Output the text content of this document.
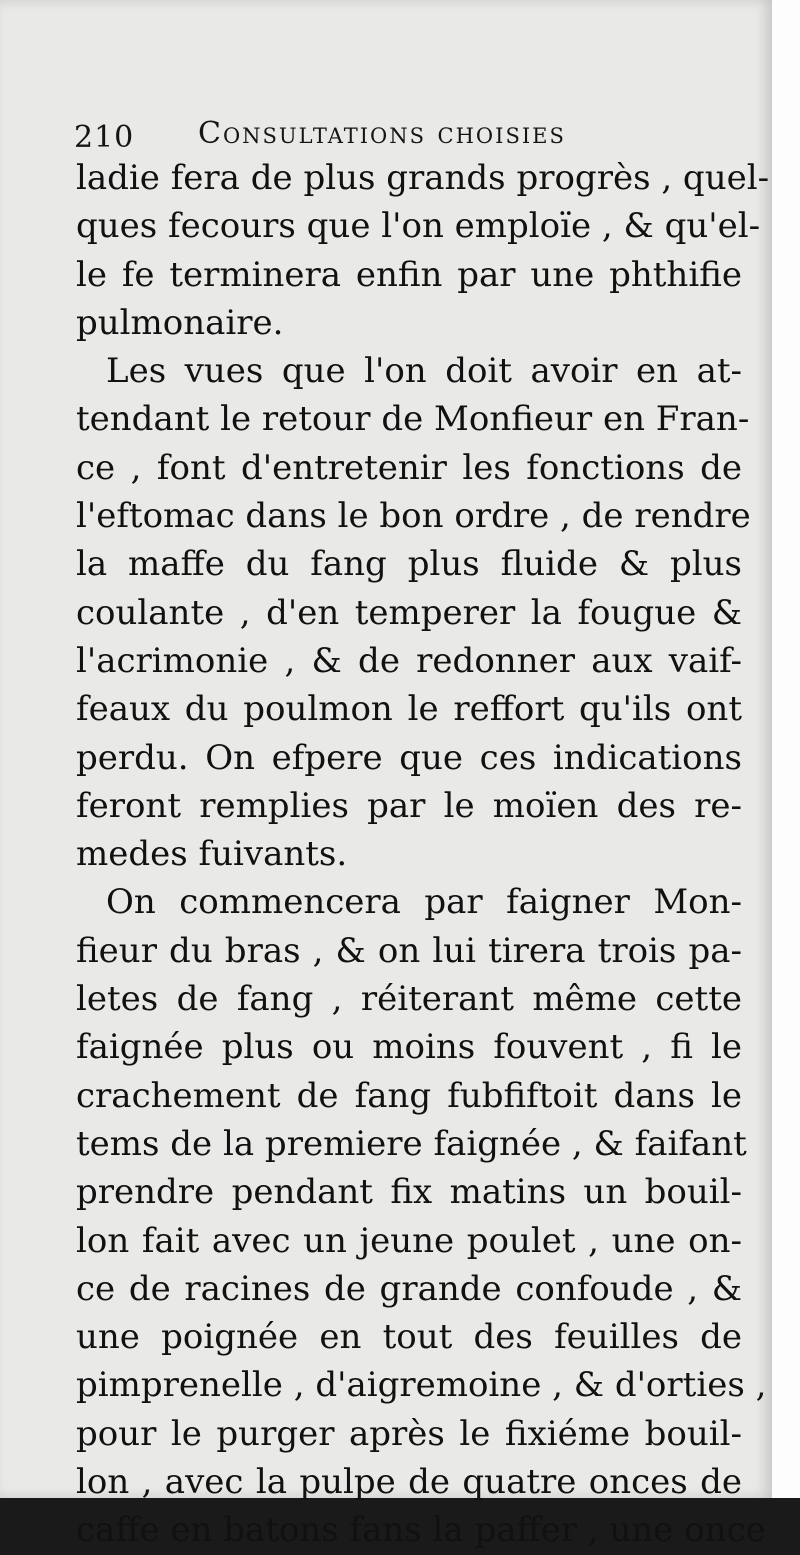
210 Consultations choisies
ladie fera de plus grands progrès , quel-
ques fecours que l'on emploïe , & qu'el-
le fe terminera enfin par une phthifie
pulmonaire.
Les vues que l'on doit avoir en at-
tendant le retour de Monfieur en Fran-
ce , font d'entretenir les fonctions de
l'eftomac dans le bon ordre , de rendre
la maffe du fang plus fluide & plus
coulante , d'en temperer la fougue &
l'acrimonie , & de redonner aux vaif-
feaux du poulmon le reffort qu'ils ont
perdu. On efpere que ces indications
feront remplies par le moïen des re-
medes fuivants.
On commencera par faigner Mon-
fieur du bras , & on lui tirera trois pa-
letes de fang , réiterant même cette
faignée plus ou moins fouvent , fi le
crachement de fang fubfiftoit dans le
tems de la premiere faignée , & faifant
prendre pendant fix matins un bouil-
lon fait avec un jeune poulet , une on-
ce de racines de grande confoude , &
une poignée en tout des feuilles de
pimprenelle , d'aigremoine , & d'orties ,
pour le purger après le fixiéme bouil-
lon , avec la pulpe de quatre onces de
caffe en batons fans la paffer , une once
